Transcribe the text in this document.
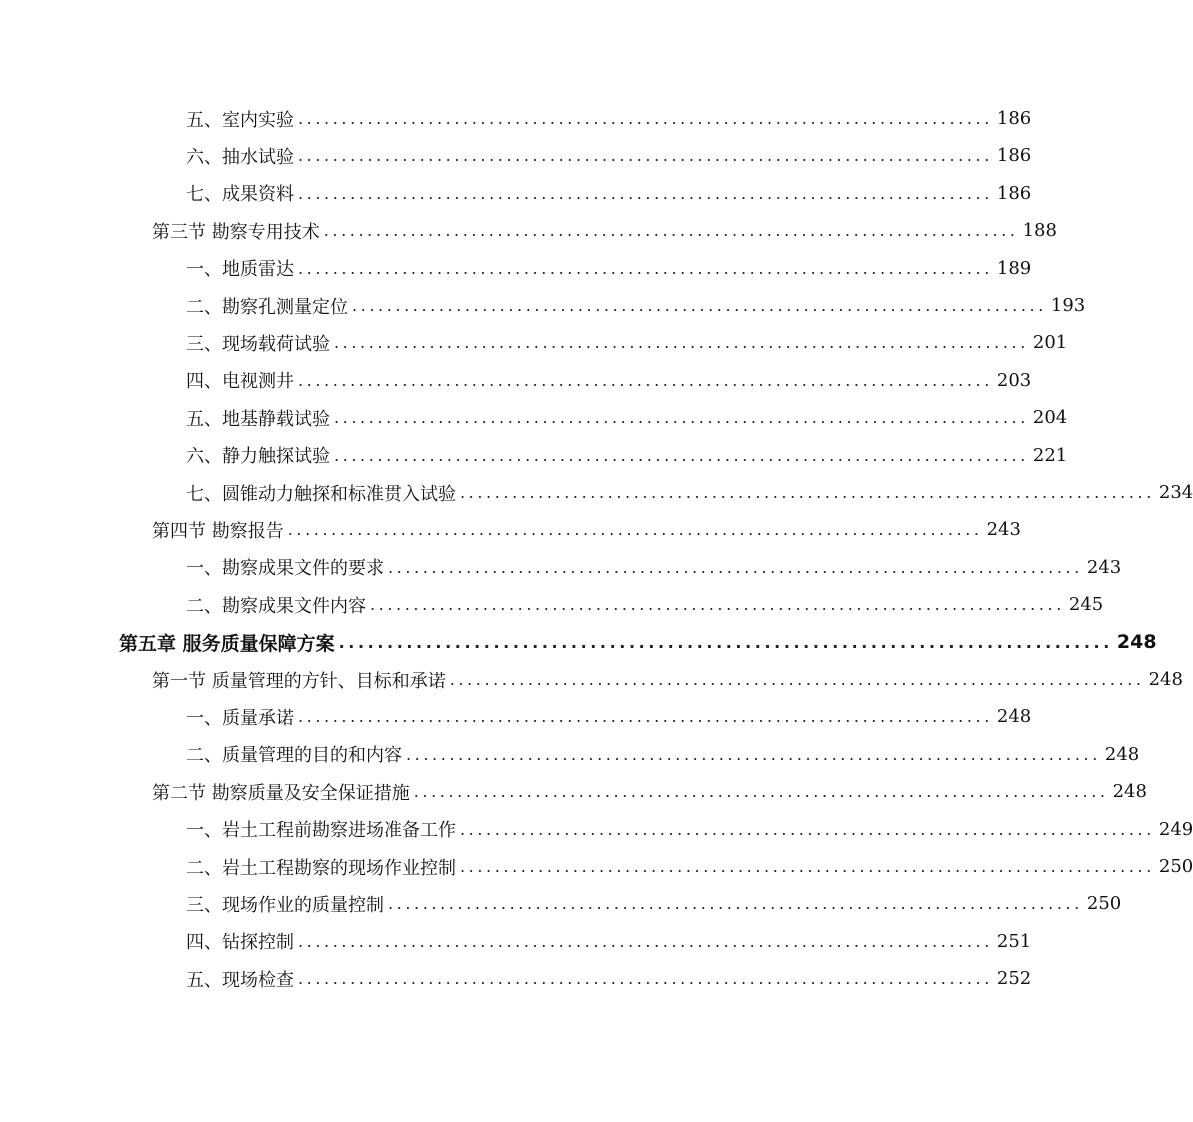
五、室内实验 ................................................................................ 186
六、抽水试验 ................................................................................ 186
七、成果资料 ................................................................................ 186
第三节 勘察专用技术 ................................................................................ 188
一、地质雷达 ................................................................................ 189
二、勘察孔测量定位 ................................................................................ 193
三、现场载荷试验 ................................................................................ 201
四、电视测井 ................................................................................ 203
五、地基静载试验 ................................................................................ 204
六、静力触探试验 ................................................................................ 221
七、圆锥动力触探和标准贯入试验 ................................................................................ 234
第四节 勘察报告 ................................................................................ 243
一、勘察成果文件的要求 ................................................................................ 243
二、勘察成果文件内容 ................................................................................ 245
第五章 服务质量保障方案 ................................................................................ 248
第一节 质量管理的方针、目标和承诺 ................................................................................ 248
一、质量承诺 ................................................................................ 248
二、质量管理的目的和内容 ................................................................................ 248
第二节 勘察质量及安全保证措施 ................................................................................ 248
一、岩土工程前勘察进场准备工作 ................................................................................ 249
二、岩土工程勘察的现场作业控制 ................................................................................ 250
三、现场作业的质量控制 ................................................................................ 250
四、钻探控制 ................................................................................ 251
五、现场检查 ................................................................................ 252
